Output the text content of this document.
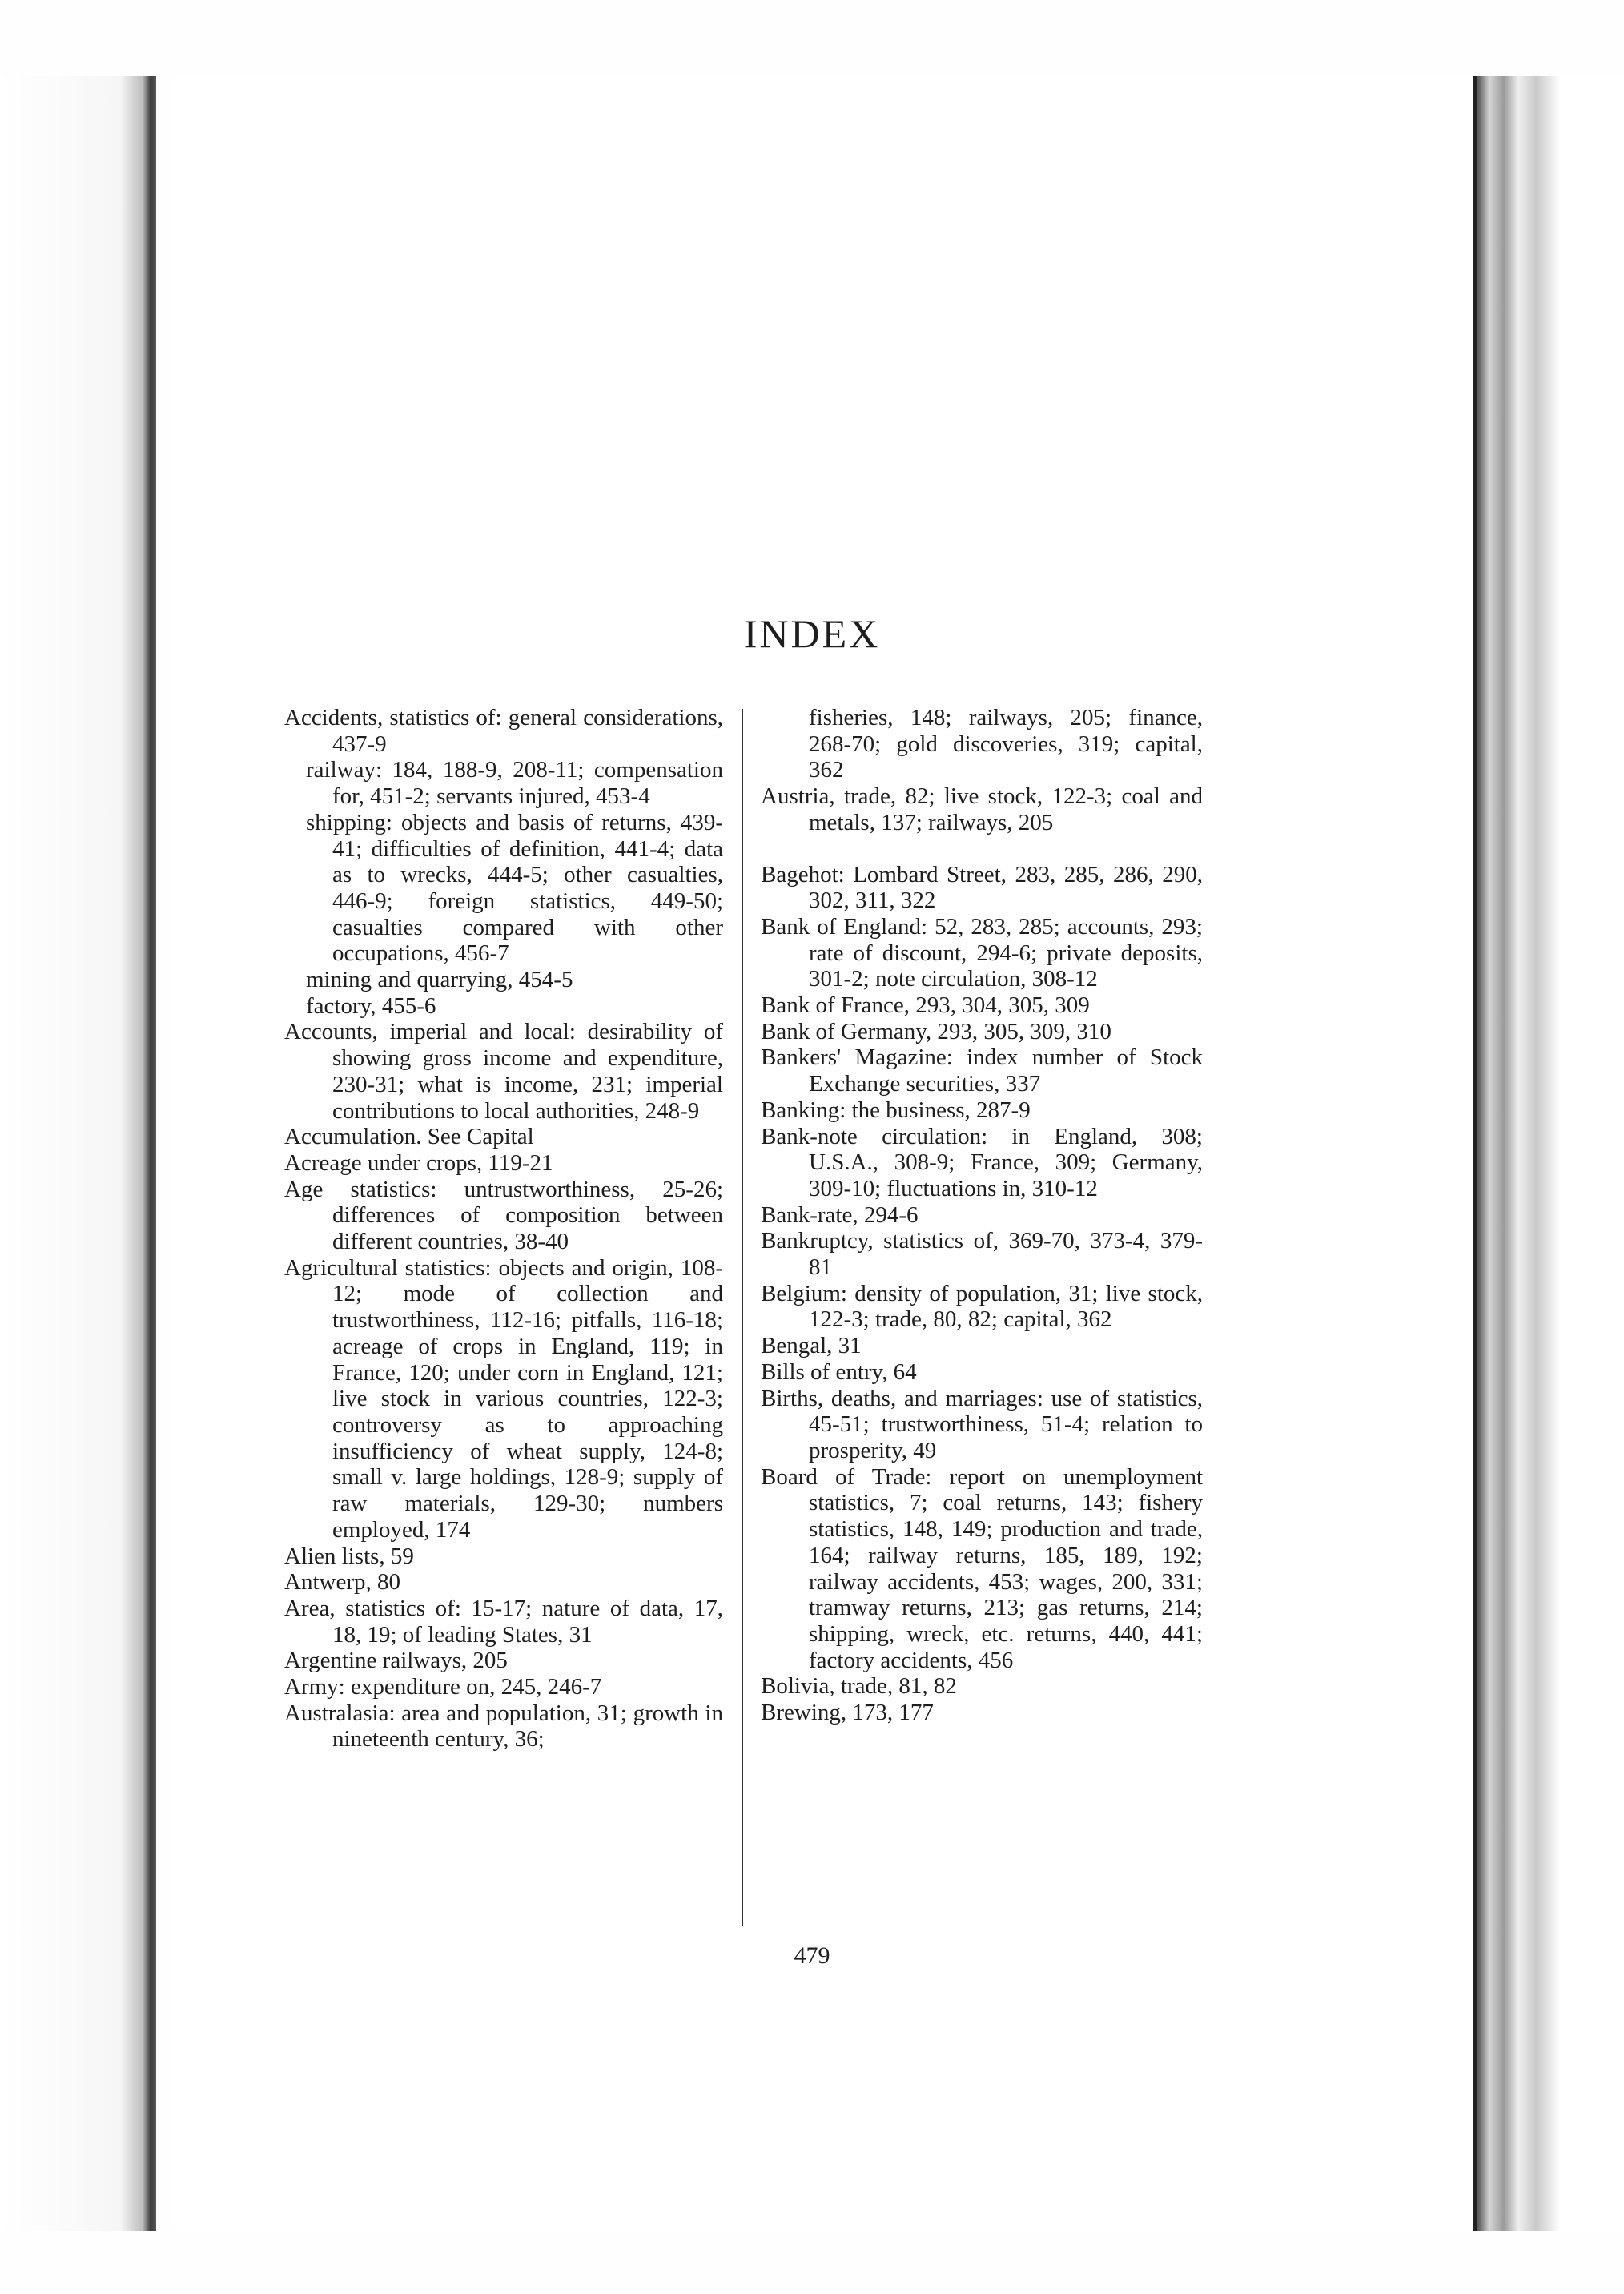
INDEX
Accidents, statistics of: general considerations, 437-9
railway: 184, 188-9, 208-11; compensation for, 451-2; servants injured, 453-4
shipping: objects and basis of returns, 439-41; difficulties of definition, 441-4; data as to wrecks, 444-5; other casualties, 446-9; foreign statistics, 449-50; casualties compared with other occupations, 456-7
mining and quarrying, 454-5
factory, 455-6
Accounts, imperial and local: desirability of showing gross income and expenditure, 230-31; what is income, 231; imperial contributions to local authorities, 248-9
Accumulation. See Capital
Acreage under crops, 119-21
Age statistics: untrustworthiness, 25-26; differences of composition between different countries, 38-40
Agricultural statistics: objects and origin, 108-12; mode of collection and trustworthiness, 112-16; pitfalls, 116-18; acreage of crops in England, 119; in France, 120; under corn in England, 121; live stock in various countries, 122-3; controversy as to approaching insufficiency of wheat supply, 124-8; small v. large holdings, 128-9; supply of raw materials, 129-30; numbers employed, 174
Alien lists, 59
Antwerp, 80
Area, statistics of: 15-17; nature of data, 17, 18, 19; of leading States, 31
Argentine railways, 205
Army: expenditure on, 245, 246-7
Australasia: area and population, 31; growth in nineteenth century, 36;
fisheries, 148; railways, 205; finance, 268-70; gold discoveries, 319; capital, 362
Austria, trade, 82; live stock, 122-3; coal and metals, 137; railways, 205
Bagehot: Lombard Street, 283, 285, 286, 290, 302, 311, 322
Bank of England: 52, 283, 285; accounts, 293; rate of discount, 294-6; private deposits, 301-2; note circulation, 308-12
Bank of France, 293, 304, 305, 309
Bank of Germany, 293, 305, 309, 310
Bankers' Magazine: index number of Stock Exchange securities, 337
Banking: the business, 287-9
Bank-note circulation: in England, 308; U.S.A., 308-9; France, 309; Germany, 309-10; fluctuations in, 310-12
Bank-rate, 294-6
Bankruptcy, statistics of, 369-70, 373-4, 379-81
Belgium: density of population, 31; live stock, 122-3; trade, 80, 82; capital, 362
Bengal, 31
Bills of entry, 64
Births, deaths, and marriages: use of statistics, 45-51; trustworthiness, 51-4; relation to prosperity, 49
Board of Trade: report on unemployment statistics, 7; coal returns, 143; fishery statistics, 148, 149; production and trade, 164; railway returns, 185, 189, 192; railway accidents, 453; wages, 200, 331; tramway returns, 213; gas returns, 214; shipping, wreck, etc. returns, 440, 441; factory accidents, 456
Bolivia, trade, 81, 82
Brewing, 173, 177
479
